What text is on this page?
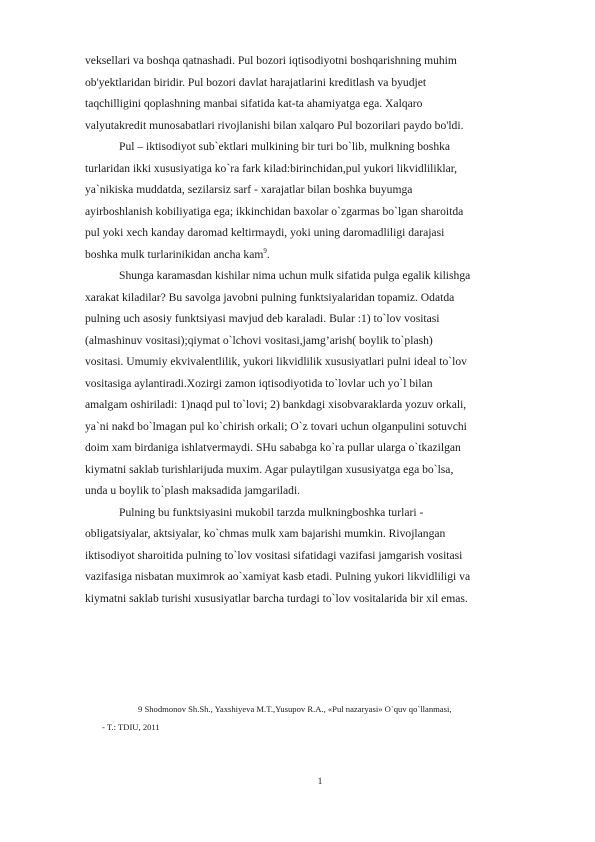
veksellari va boshqa qatnashadi. Pul bozori iqtisodiyotni boshqarishning muhim
ob'yektlaridan biridir. Pul bozori davlat harajatlarini kreditlash va byudjet
taqchilligini qoplashning manbai sifatida kat-ta ahamiyatga ega. Xalqaro
valyutakredit munosabatlari rivojlanishi bilan xalqaro Pul bozorilari paydo bo'ldi.
Pul – iktisodiyot sub`ektlari mulkining bir turi bo`lib, mulkning boshka
turlaridan ikki xususiyatiga ko`ra fark kilad:birinchidan,pul yukori likvidliliklar,
ya`nikiska muddatda, sezilarsiz sarf - xarajatlar bilan boshka buyumga
ayirboshlanish kobiliyatiga ega; ikkinchidan baxolar o`zgarmas bo`lgan sharoitda
pul yoki xech kanday daromad keltirmaydi, yoki uning daromadliligi darajasi
boshka mulk turlarinikidan ancha kam$^9$.
Shunga karamasdan kishilar nima uchun mulk sifatida pulga egalik kilishga
xarakat kiladilar? Bu savolga javobni pulning funktsiyalaridan topamiz. Odatda
pulning uch asosiy funktsiyasi mavjud deb karaladi. Bular :1) to`lov vositasi
(almashinuv vositasi);qiymat o`lchovi vositasi,jamg’arish( boylik to`plash)
vositasi. Umumiy ekvivalentlilik, yukori likvidlilik xususiyatlari pulni ideal to`lov
vositasiga aylantiradi.Xozirgi zamon iqtisodiyotida to`lovlar uch yo`l bilan
amalgam oshiriladi: 1)naqd pul to`lovi; 2) bankdagi xisobvaraklarda yozuv orkali,
ya`ni nakd bo`lmagan pul ko`chirish orkali; O`z tovari uchun olganpulini sotuvchi
doim xam birdaniga ishlatvermaydi. SHu sababga ko`ra pullar ularga o`tkazilgan
kiymatni saklab turishlarijuda muxim. Agar pulaytilgan xususiyatga ega bo`lsa,
unda u boylik to`plash maksadida jamgariladi.
Pulning bu funktsiyasini mukobil tarzda mulkningboshka turlari -
obligatsiyalar, aktsiyalar, ko`chmas mulk xam bajarishi mumkin. Rivojlangan
iktisodiyot sharoitida pulning to`lov vositasi sifatidagi vazifasi jamgarish vositasi
vazifasiga nisbatan muximrok ao`xamiyat kasb etadi. Pulning yukori likvidliligi va
kiymatni saklab turishi xususiyatlar barcha turdagi to`lov vositalarida bir xil emas.
9 Shodmonov Sh.Sh., Yaxshiyeva M.T.,Yusupov R.A., «Pul nazaryasi» O`quv qo`llanmasi,
- T.: TDIU, 2011
1
